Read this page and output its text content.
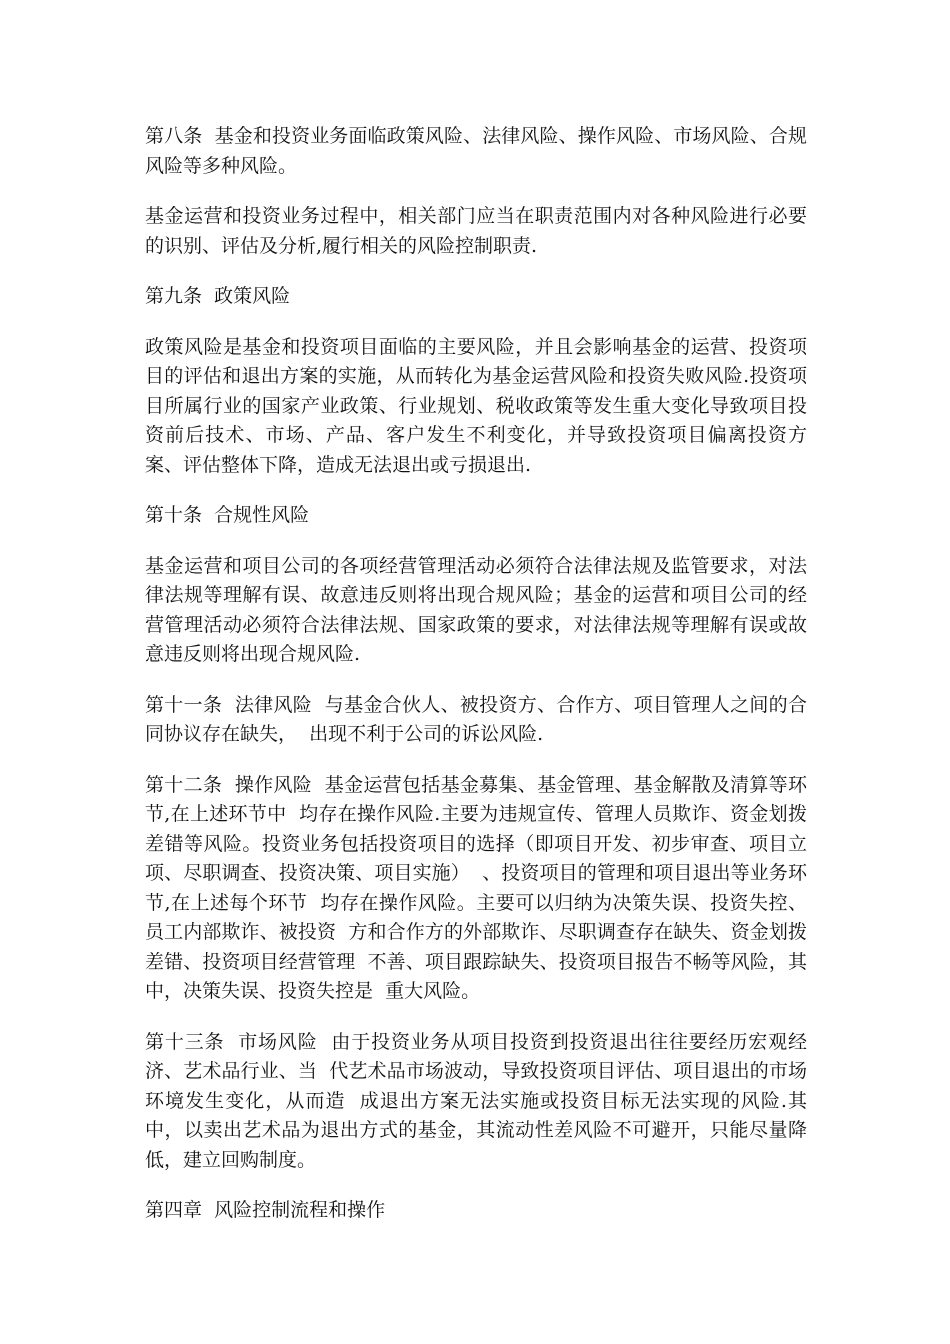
第八条  基金和投资业务面临政策风险、法律风险、操作风险、市场风险、合规风险等多种风险。

基金运营和投资业务过程中，相关部门应当在职责范围内对各种风险进行必要的识别、评估及分析,履行相关的风险控制职责.

第九条  政策风险

政策风险是基金和投资项目面临的主要风险，并且会影响基金的运营、投资项目的评估和退出方案的实施，从而转化为基金运营风险和投资失败风险.投资项目所属行业的国家产业政策、行业规划、税收政策等发生重大变化导致项目投资前后技术、市场、产品、客户发生不利变化，并导致投资项目偏离投资方案、评估整体下降，造成无法退出或亏损退出.

第十条  合规性风险

基金运营和项目公司的各项经营管理活动必须符合法律法规及监管要求，对法律法规等理解有误、故意违反则将出现合规风险；基金的运营和项目公司的经营管理活动必须符合法律法规、国家政策的要求，对法律法规等理解有误或故意违反则将出现合规风险.

第十一条  法律风险  与基金合伙人、被投资方、合作方、项目管理人之间的合同协议存在缺失，  出现不利于公司的诉讼风险.

第十二条  操作风险  基金运营包括基金募集、基金管理、基金解散及清算等环节,在上述环节中  均存在操作风险.主要为违规宣传、管理人员欺诈、资金划拨差错等风险。投资业务包括投资项目的选择（即项目开发、初步审查、项目立项、尽职调查、投资决策、项目实施）  、投资项目的管理和项目退出等业务环节,在上述每个环节  均存在操作风险。主要可以归纳为决策失误、投资失控、员工内部欺诈、被投资  方和合作方的外部欺诈、尽职调查存在缺失、资金划拨差错、投资项目经营管理  不善、项目跟踪缺失、投资项目报告不畅等风险，其中，决策失误、投资失控是  重大风险。

第十三条  市场风险  由于投资业务从项目投资到投资退出往往要经历宏观经济、艺术品行业、当  代艺术品市场波动，导致投资项目评估、项目退出的市场环境发生变化，从而造  成退出方案无法实施或投资目标无法实现的风险.其中，以卖出艺术品为退出方式的基金，其流动性差风险不可避开，只能尽量降低，建立回购制度。

第四章  风险控制流程和操作
